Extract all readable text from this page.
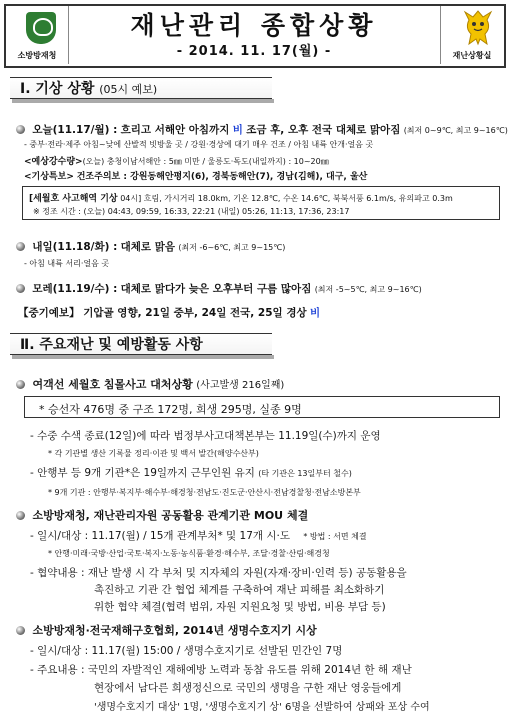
소방방재청
재난관리 종합상황
- 2014. 11. 17(월) -	재난상황실
Ⅰ. 기상 상황 (05시 예보)
오늘(11.17/월) : 흐리고 서해안 아침까지 비 조금 후, 오후 전국 대체로 맑아짐 (최저 0~9℃, 최고 9~16℃)
- 중부·전라·제주 아침~낮에 산발적 빗방울 곳 / 강원·경상에 대기 매우 건조 / 아침 내륙 안개·얼음 곳
<예상강수량>(오늘) 충청이남서해안 : 5㎜ 미만 / 울릉도·독도(내일까지) : 10~20㎜
<기상특보> 건조주의보 : 강원동해안평지(6), 경북동해안(7), 경남(김해), 대구, 울산
[세월호 사고해역 기상 04시] 흐림, 가시거리 18.0km, 기온 12.8℃, 수온 14.6℃, 북북서풍 6.1m/s, 유의파고 0.3m
※ 정조 시간 : (오늘) 04:43, 09:59, 16:33, 22:21 (내일) 05:26, 11:13, 17:36, 23:17
내일(11.18/화) : 대체로 맑음 (최저 -6~6℃, 최고 9~15℃)
- 아침 내륙 서리·얼음 곳
모레(11.19/수) : 대체로 맑다가 늦은 오후부터 구름 많아짐 (최저 -5~5℃, 최고 9~16℃)
【중기예보】 기압골 영향, 21일 중부, 24일 전국, 25일 경상 비
Ⅱ. 주요재난 및 예방활동 사항
여객선 세월호 침몰사고 대처상황 (사고발생 216일째)
* 승선자 476명 중 구조 172명, 희생 295명, 실종 9명
- 수중 수색 종료(12일)에 따라 범정부사고대책본부는 11.19일(수)까지 운영
* 각 기관별 생산 기록물 정리·이관 및 백서 발간(해양수산부)
- 안행부 등 9개 기관*은 19일까지 근무인원 유지 (타 기관은 13일부터 철수)
* 9개 기관 : 안행부·복지부·해수부·해경청·전남도·진도군·안산시·전남경찰청·전남소방본부
소방방재청, 재난관리자원 공동활용 관계기관 MOU 체결
- 일시/대상 : 11.17(월) / 15개 관계부처* 및 17개 시·도 * 방법 : 서면 체결
* 안행·미래·국방·산업·국토·복지·노동·농식품·환경·해수부, 조달·경찰·산림·해경청
- 협약내용 : 재난 발생 시 각 부처 및 지자체의 자원(자재·장비·인력 등) 공동활용을
촉진하고 기관 간 협업 체계를 구축하여 재난 피해를 최소화하기
위한 협약 체결(협력 범위, 자원 지원요청 및 방법, 비용 부담 등)
소방방재청·전국재해구호협회, 2014년 생명수호지기 시상
- 일시/대상 : 11.17(월) 15:00 / 생명수호지기로 선발된 민간인 7명
- 주요내용 : 국민의 자발적인 재해예방 노력과 동참 유도를 위해 2014년 한 해 재난
현장에서 남다른 희생정신으로 국민의 생명을 구한 재난 영웅들에게
'생명수호지기 대상' 1명, '생명수호지기 상' 6명을 선발하여 상패와 포상 수여
